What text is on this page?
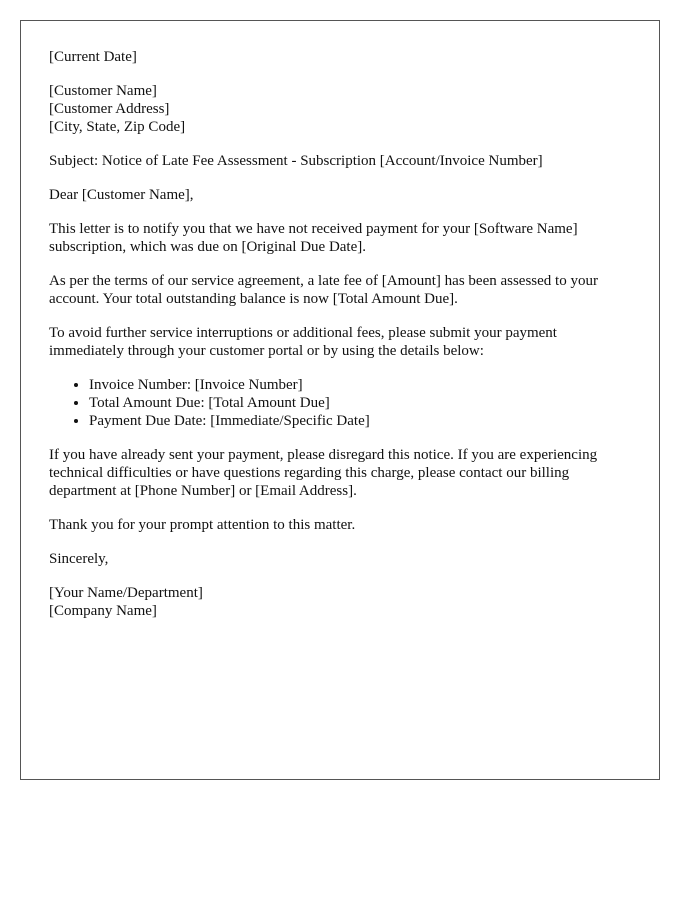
[Current Date]

[Customer Name]
[Customer Address]
[City, State, Zip Code]

Subject: Notice of Late Fee Assessment - Subscription [Account/Invoice Number]

Dear [Customer Name],

This letter is to notify you that we have not received payment for your [Software Name] subscription, which was due on [Original Due Date].

As per the terms of our service agreement, a late fee of [Amount] has been assessed to your account. Your total outstanding balance is now [Total Amount Due].

To avoid further service interruptions or additional fees, please submit your payment immediately through your customer portal or by using the details below:

• Invoice Number: [Invoice Number]
• Total Amount Due: [Total Amount Due]
• Payment Due Date: [Immediate/Specific Date]

If you have already sent your payment, please disregard this notice. If you are experiencing technical difficulties or have questions regarding this charge, please contact our billing department at [Phone Number] or [Email Address].

Thank you for your prompt attention to this matter.

Sincerely,

[Your Name/Department]
[Company Name]
